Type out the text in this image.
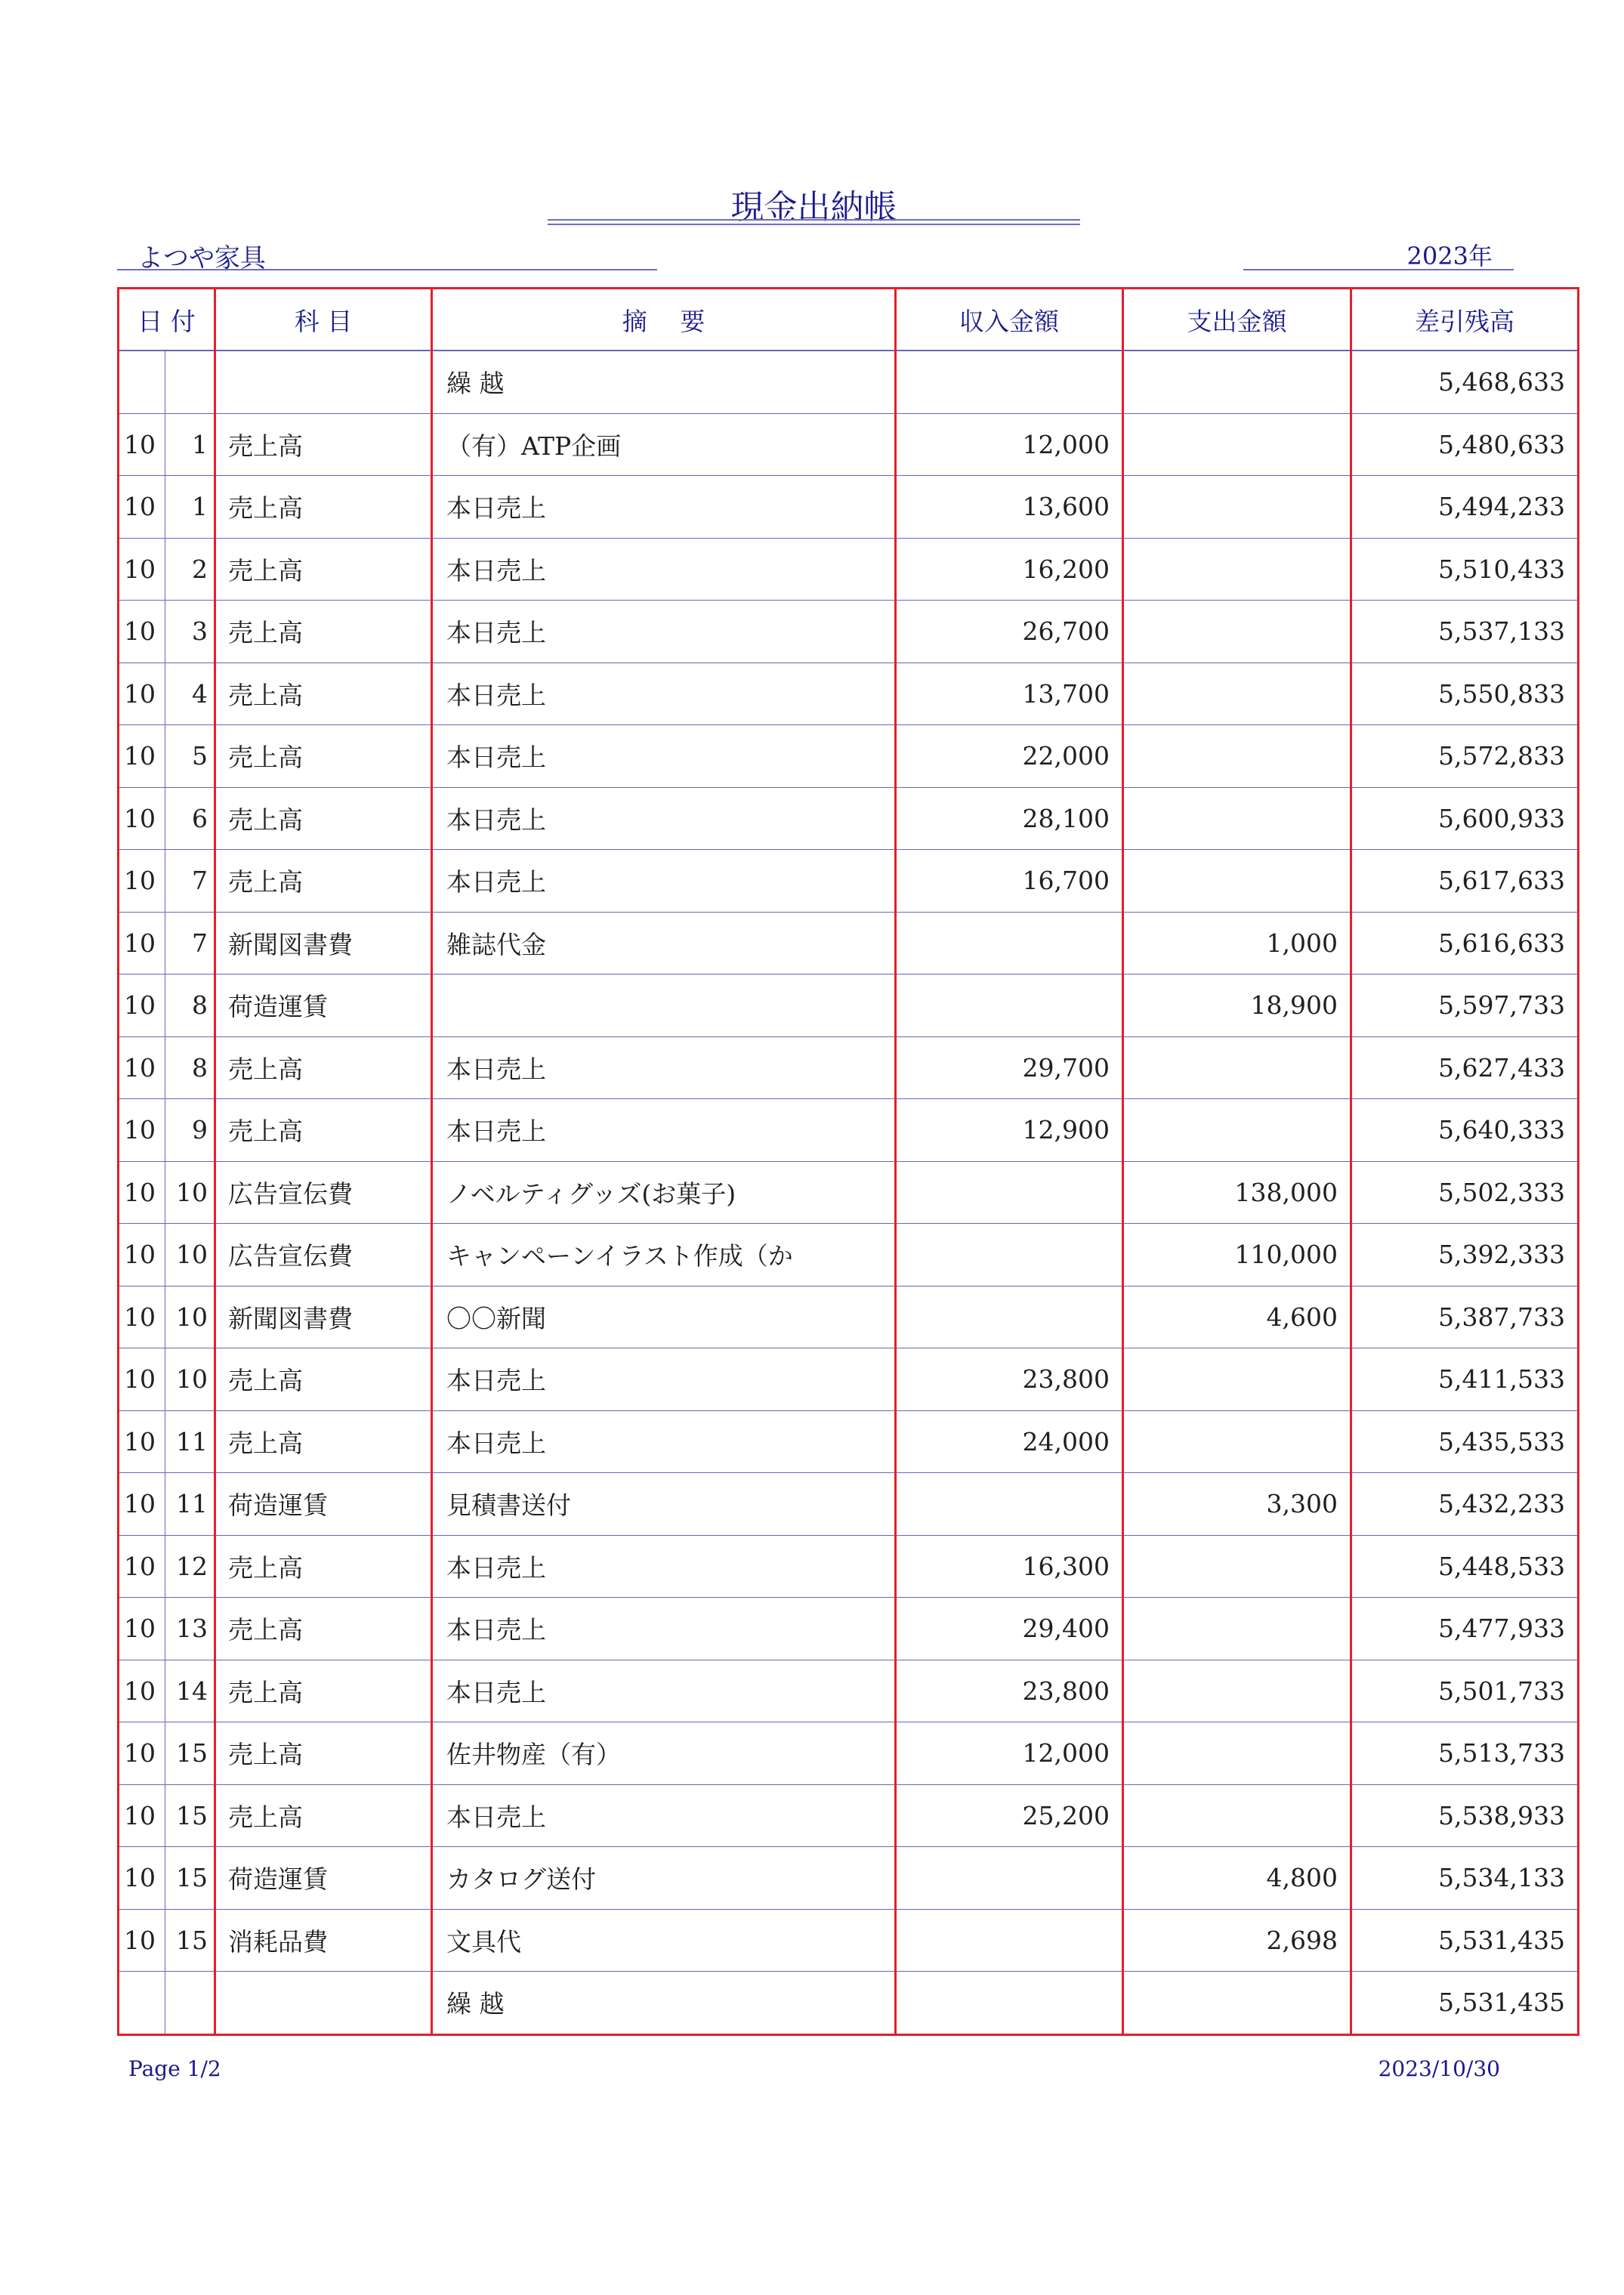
現金出納帳
よつや家具	2023年
日 付		科 目	摘　 要	収入金額	支出金額	差引残高
			繰 越			5,468,633
10	1	売上高	（有）ATP企画	12,000		5,480,633
10	1	売上高	本日売上	13,600		5,494,233
10	2	売上高	本日売上	16,200		5,510,433
10	3	売上高	本日売上	26,700		5,537,133
10	4	売上高	本日売上	13,700		5,550,833
10	5	売上高	本日売上	22,000		5,572,833
10	6	売上高	本日売上	28,100		5,600,933
10	7	売上高	本日売上	16,700		5,617,633
10	7	新聞図書費	雑誌代金		1,000	5,616,633
10	8	荷造運賃			18,900	5,597,733
10	8	売上高	本日売上	29,700		5,627,433
10	9	売上高	本日売上	12,900		5,640,333
10	10	広告宣伝費	ノベルティグッズ(お菓子)		138,000	5,502,333
10	10	広告宣伝費	キャンペーンイラスト作成（か		110,000	5,392,333
10	10	新聞図書費	〇〇新聞		4,600	5,387,733
10	10	売上高	本日売上	23,800		5,411,533
10	11	売上高	本日売上	24,000		5,435,533
10	11	荷造運賃	見積書送付		3,300	5,432,233
10	12	売上高	本日売上	16,300		5,448,533
10	13	売上高	本日売上	29,400		5,477,933
10	14	売上高	本日売上	23,800		5,501,733
10	15	売上高	佐井物産（有）	12,000		5,513,733
10	15	売上高	本日売上	25,200		5,538,933
10	15	荷造運賃	カタログ送付		4,800	5,534,133
10	15	消耗品費	文具代		2,698	5,531,435
			繰 越			5,531,435
Page 1/2	2023/10/30
